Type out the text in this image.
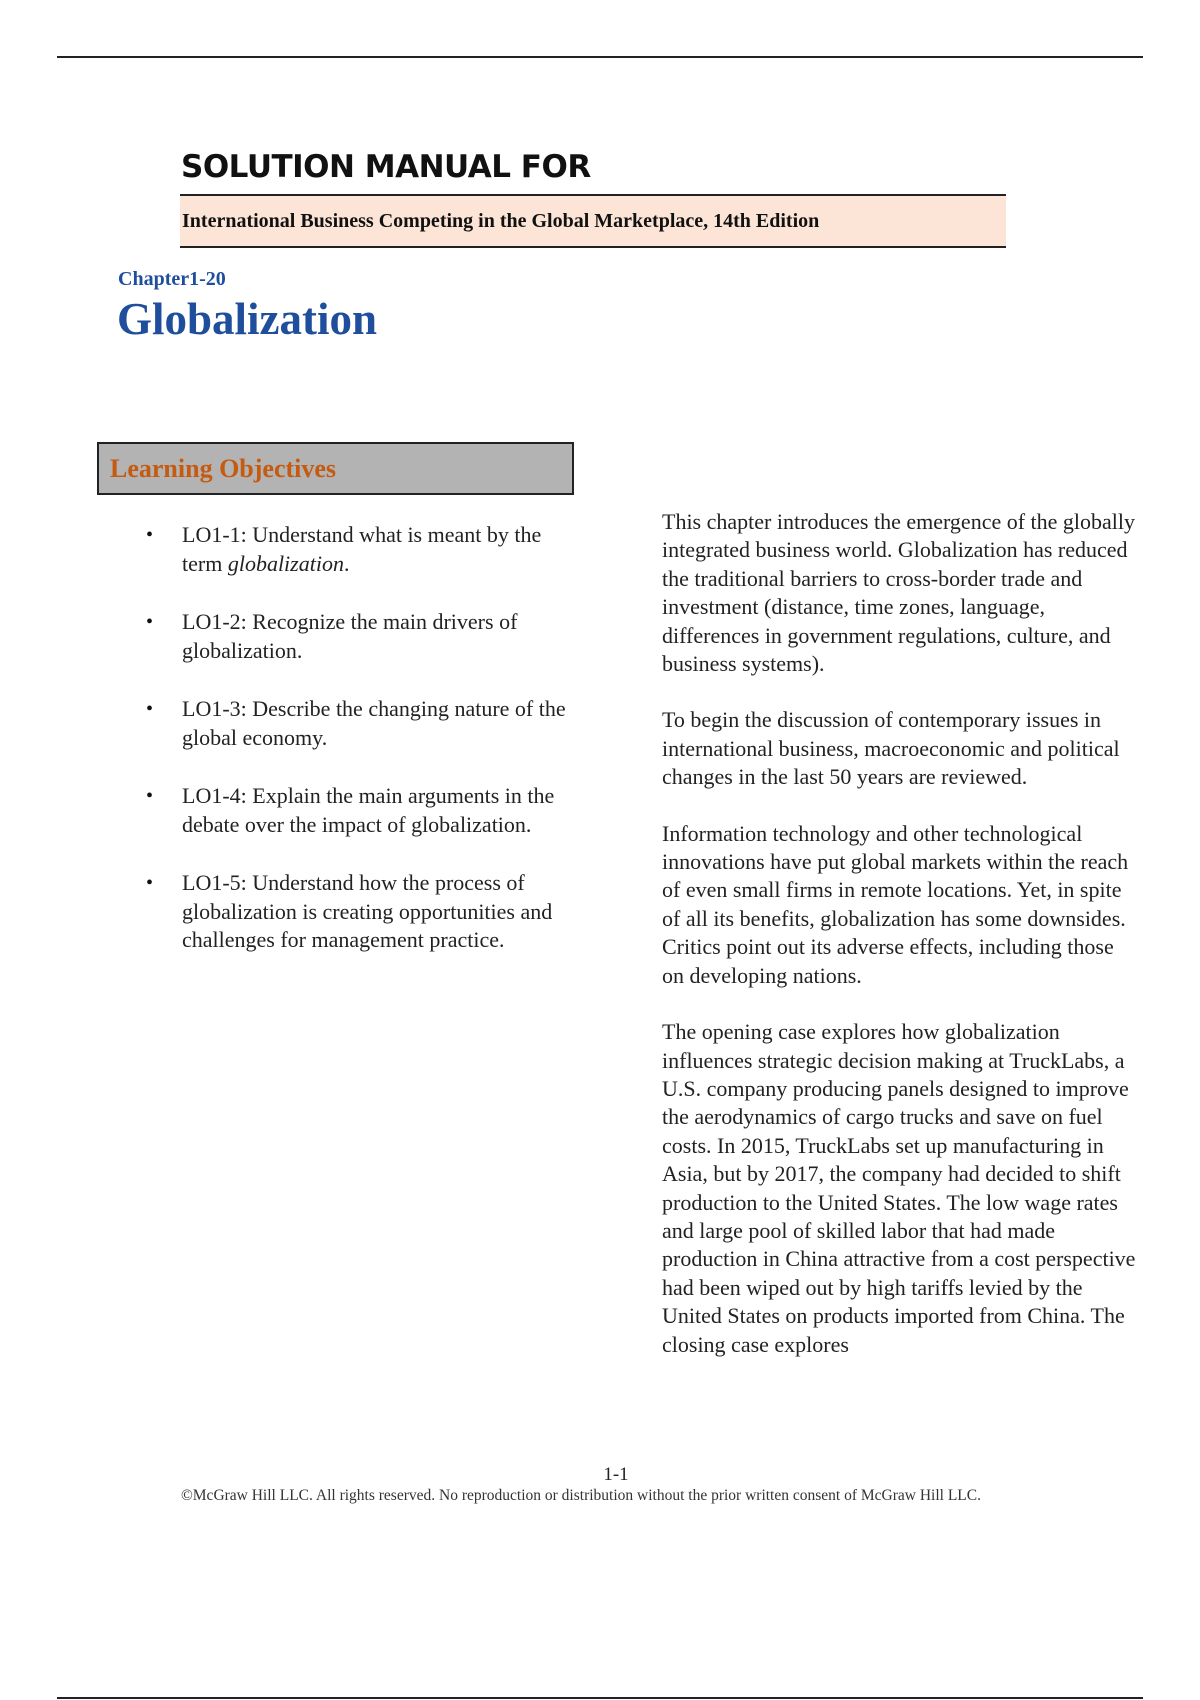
SOLUTION MANUAL FOR
International Business Competing in the Global Marketplace, 14th Edition
Chapter1-20
Globalization
Learning Objectives
• LO1-1: Understand what is meant by the term globalization.
• LO1-2: Recognize the main drivers of globalization.
• LO1-3: Describe the changing nature of the global economy.
• LO1-4: Explain the main arguments in the debate over the impact of globalization.
• LO1-5: Understand how the process of globalization is creating opportunities and challenges for management practice.

This chapter introduces the emergence of the globally integrated business world. Globalization has reduced the traditional barriers to cross-border trade and investment (distance, time zones, language, differences in government regulations, culture, and business systems).

To begin the discussion of contemporary issues in international business, macroeconomic and political changes in the last 50 years are reviewed.

Information technology and other technological innovations have put global markets within the reach of even small firms in remote locations. Yet, in spite of all its benefits, globalization has some downsides. Critics point out its adverse effects, including those on developing nations.

The opening case explores how globalization influences strategic decision making at TruckLabs, a U.S. company producing panels designed to improve the aerodynamics of cargo trucks and save on fuel costs. In 2015, TruckLabs set up manufacturing in Asia, but by 2017, the company had decided to shift production to the United States. The low wage rates and large pool of skilled labor that had made production in China attractive from a cost perspective had been wiped out by high tariffs levied by the United States on products imported from China. The closing case explores

1-1
©McGraw Hill LLC. All rights reserved. No reproduction or distribution without the prior written consent of McGraw Hill LLC.
